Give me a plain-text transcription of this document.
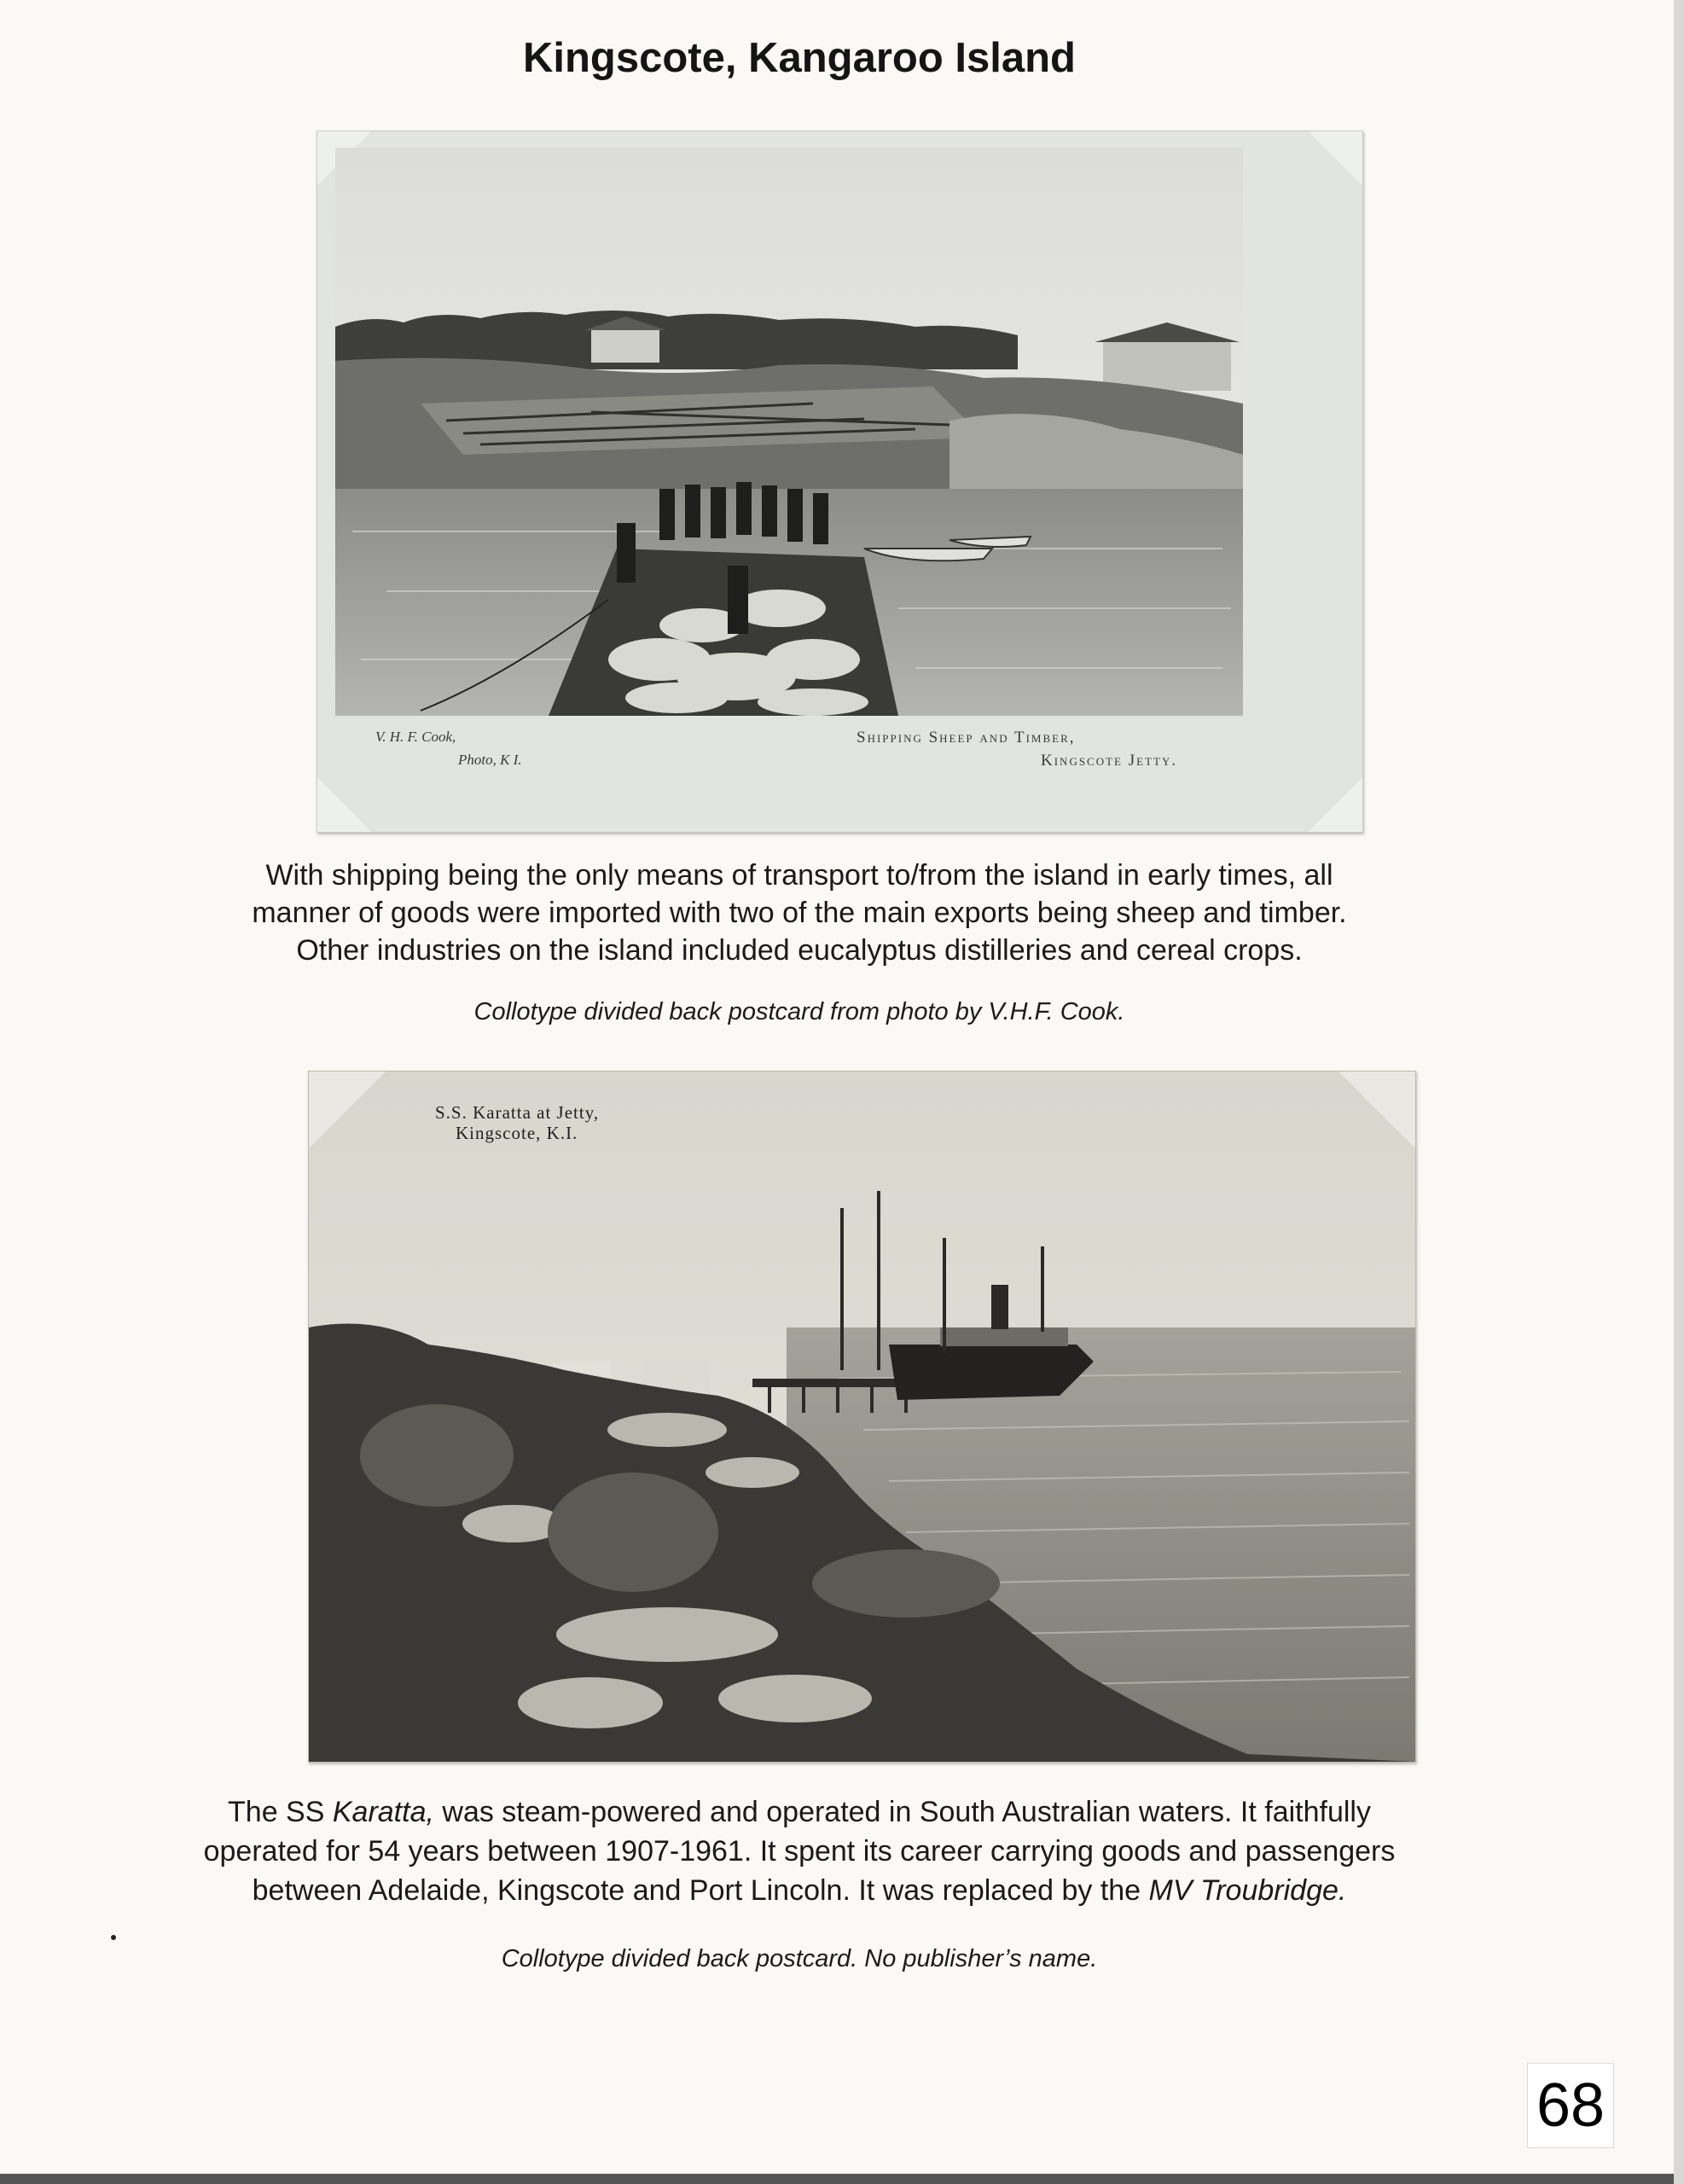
Kingscote, Kangaroo Island
V. H. F. Cook,
Photo, K I.
Shipping Sheep and Timber,
Kingscote Jetty.
With shipping being the only means of transport to/from the island in early times, all
manner of goods were imported with two of the main exports being sheep and timber.
Other industries on the island included eucalyptus distilleries and cereal crops.
Collotype divided back postcard from photo by V.H.F. Cook.
S.S. Karatta at Jetty,
Kingscote, K.I.
The SS Karatta, was steam-powered and operated in South Australian waters. It faithfully
operated for 54 years between 1907-1961. It spent its career carrying goods and passengers
between Adelaide, Kingscote and Port Lincoln. It was replaced by the MV Troubridge.
Collotype divided back postcard. No publisher’s name.
68
